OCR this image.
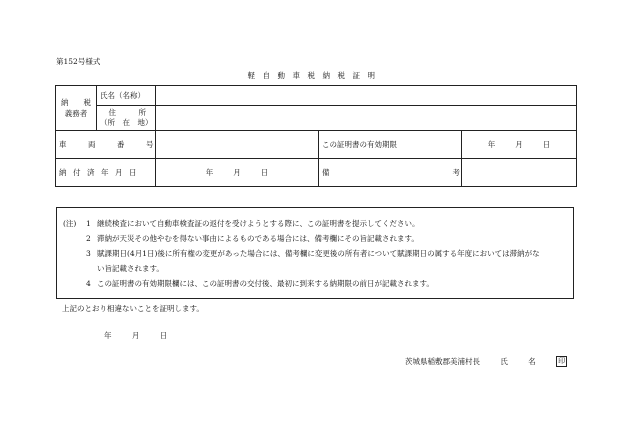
第152号様式
軽自動車税納税証明
納　　税
義務者	氏名（名称）			

	住　　　所
（所　在　地）			

車　両　番　号			この証明書の有効期限	年 月 日

納付済年月日		年 月 日	備　　考	
(注) 1 継続検査において自動車検査証の返付を受けようとする際に、この証明書を提示してください。
2 滞納が天災その他やむを得ない事由によるものである場合には、備考欄にその旨記載されます。
3 賦課期日(4月1日)後に所有権の変更があった場合には、備考欄に変更後の所有者について賦課期日の属する年度においては滞納がな
い旨記載されます。
4 この証明書の有効期限欄には、この証明書の交付後、最初に到来する納期限の前日が記載されます。
上記のとおり相違ないことを証明します。
年	月	日
茨城県稲敷郡美浦村長	氏	名	印
